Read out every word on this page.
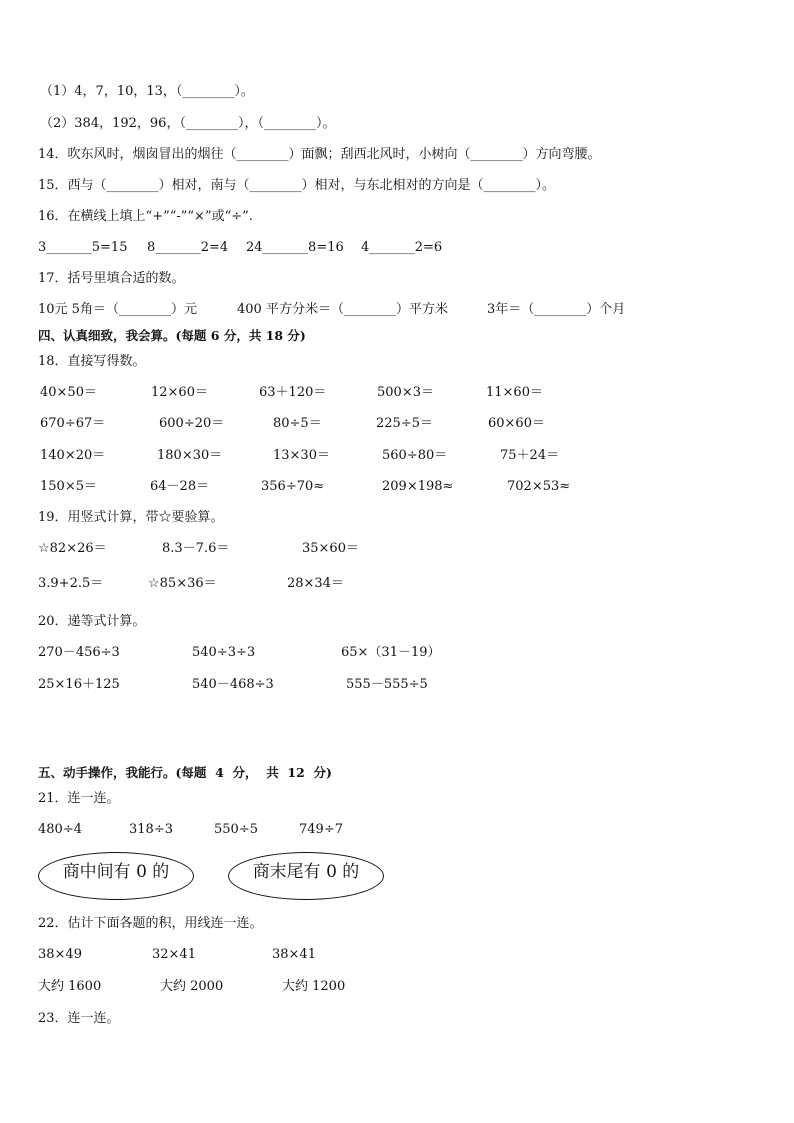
（1）4，7，10，13，（________）。
（2）384，192，96，（________），（________）。
14．吹东风时，烟囱冒出的烟往（________）面飘；刮西北风时，小树向（________）方向弯腰。
15．西与（________）相对，南与（________）相对，与东北相对的方向是（________）。
16．在横线上填上“+”“-”“×”或“÷”.
3_______5=15 8_______2=4 24_______8=16 4_______2=6
17．括号里填合适的数。
10元 5角＝（________）元	400 平方分米＝（________）平方米	3年＝（________）个月
四、认真细致，我会算。(每题 6 分，共 18 分)
18．直接写得数。
40×50＝	12×60＝	63＋120＝	500×3＝	11×60＝
670÷67＝	600÷20＝	80÷5＝	225÷5＝	60×60＝
140×20＝	180×30＝	13×30＝	560÷80＝	75＋24＝
150×5＝	64－28＝	356÷70≈	209×198≈	702×53≈
19．用竖式计算，带☆要验算。
☆82×26＝	8.3－7.6＝	35×60＝
3.9+2.5＝	☆85×36＝	28×34＝
20．递等式计算。
270－456÷3	540÷3÷3	65×（31－19）
25×16＋125	540－468÷3	555－555÷5
五、动手操作，我能行。(每题  4  分，  共  12  分)
21．连一连。
480÷4	318÷3	550÷5	749÷7
商中间有 0 的	商末尾有 0 的
22．估计下面各题的积，用线连一连。
38×49	32×41	38×41
大约 1600	大约 2000	大约 1200
23．连一连。
